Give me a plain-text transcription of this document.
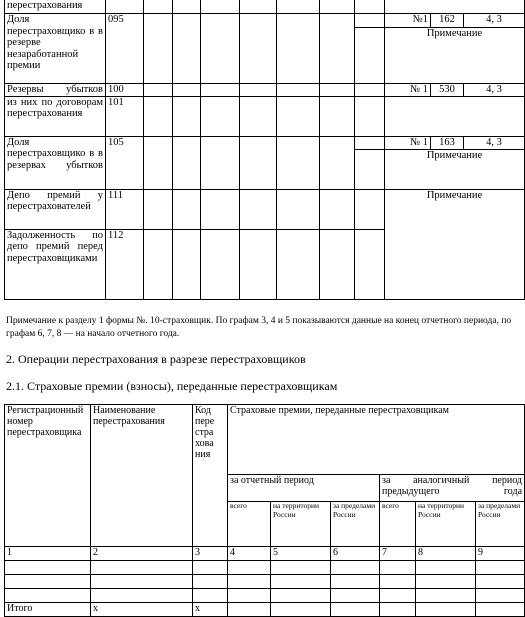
перестрахования											
Доля перестраховщико в в резерве незаработанной премии	095								№1	162	4, 3
									Примечание		
Резервы убытков	100								№ 1	530	4, 3
из них по договорам перестрахования	101										
Доля перестраховщико в в резервах убытков	105								№ 1	163	4, 3
									Примечание		
Депо премий у перестрахователей	111								Примечание		
Задолженность по депо премий перед перестраховщиками	112										
Примечание к разделу 1 формы №. 10-страховщик. По графам 3, 4 и 5 показываются данные на конец отчетного периода, по графам 6, 7, 8 — на начало отчетного года.
2. Операции перестрахования в разрезе перестраховщиков
2.1. Страховые премии (взносы), переданные перестраховщикам
Регистрационный номер перестраховщика	Наименование перестрахования	Код пере стра хова ния	Страховые премии, переданные перестраховщикам					
			за отчетный период			за аналогичный период предыдущего года		
			всего	на территории России	за пределами России	всего	на территории России	за пределами России
1	2	3	4	5	6	7	8	9

Итого	x	x						
